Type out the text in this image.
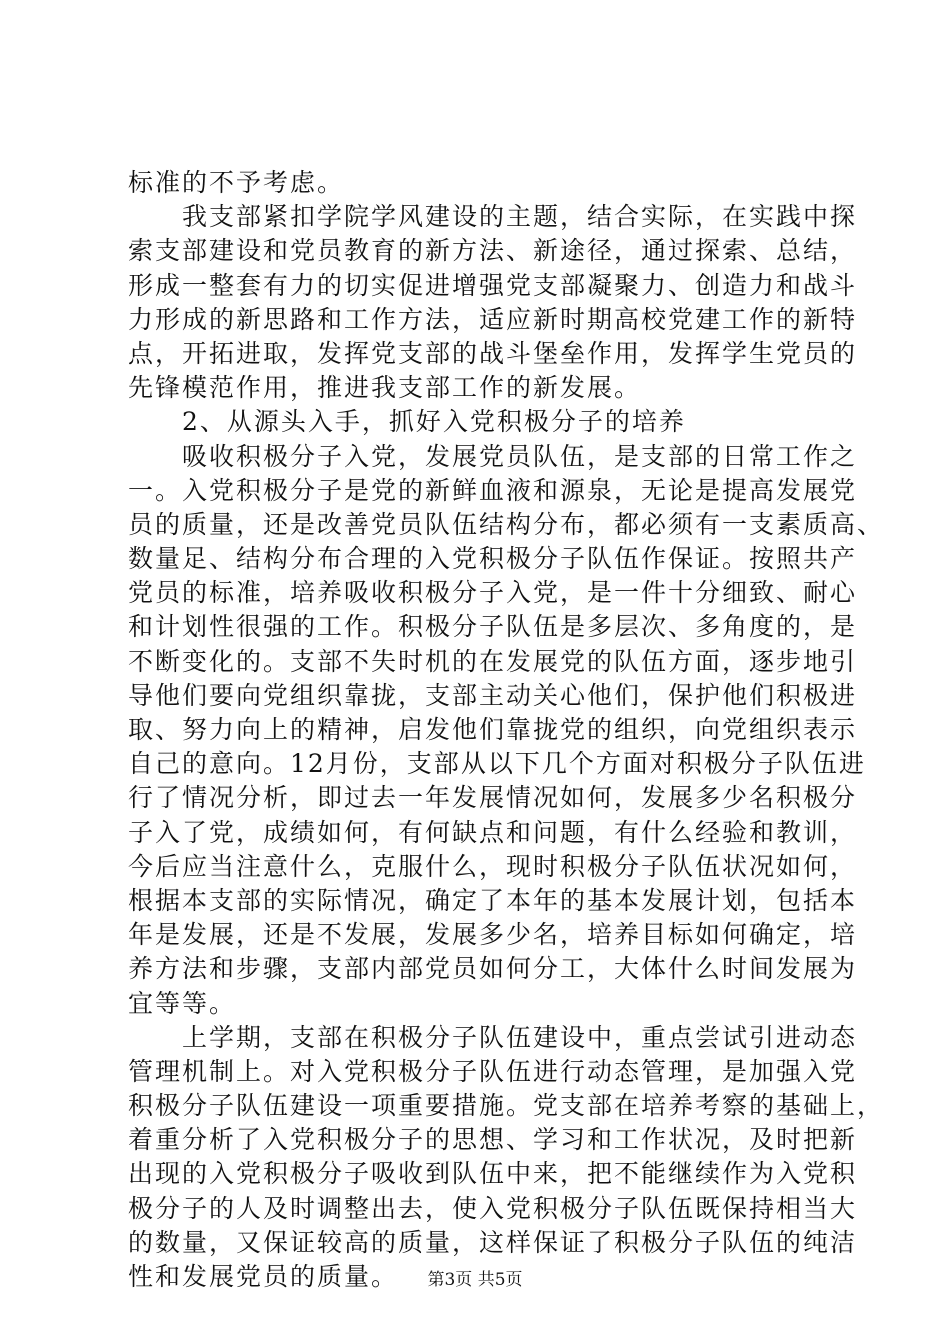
标准的不予考虑。
我支部紧扣学院学风建设的主题，结合实际，在实践中探
索支部建设和党员教育的新方法、新途径，通过探索、总结，
形成一整套有力的切实促进增强党支部凝聚力、创造力和战斗
力形成的新思路和工作方法，适应新时期高校党建工作的新特
点，开拓进取，发挥党支部的战斗堡垒作用，发挥学生党员的
先锋模范作用，推进我支部工作的新发展。
2、从源头入手，抓好入党积极分子的培养
吸收积极分子入党，发展党员队伍，是支部的日常工作之
一。入党积极分子是党的新鲜血液和源泉，无论是提高发展党
员的质量，还是改善党员队伍结构分布，都必须有一支素质高、
数量足、结构分布合理的入党积极分子队伍作保证。按照共产
党员的标准，培养吸收积极分子入党，是一件十分细致、耐心
和计划性很强的工作。积极分子队伍是多层次、多角度的，是
不断变化的。支部不失时机的在发展党的队伍方面，逐步地引
导他们要向党组织靠拢，支部主动关心他们，保护他们积极进
取、努力向上的精神，启发他们靠拢党的组织，向党组织表示
自己的意向。12月份，支部从以下几个方面对积极分子队伍进
行了情况分析，即过去一年发展情况如何，发展多少名积极分
子入了党，成绩如何，有何缺点和问题，有什么经验和教训，
今后应当注意什么，克服什么，现时积极分子队伍状况如何，
根据本支部的实际情况，确定了本年的基本发展计划，包括本
年是发展，还是不发展，发展多少名，培养目标如何确定，培
养方法和步骤，支部内部党员如何分工，大体什么时间发展为
宜等等。
上学期，支部在积极分子队伍建设中，重点尝试引进动态
管理机制上。对入党积极分子队伍进行动态管理，是加强入党
积极分子队伍建设一项重要措施。党支部在培养考察的基础上，
着重分析了入党积极分子的思想、学习和工作状况，及时把新
出现的入党积极分子吸收到队伍中来，把不能继续作为入党积
极分子的人及时调整出去，使入党积极分子队伍既保持相当大
的数量，又保证较高的质量，这样保证了积极分子队伍的纯洁
性和发展党员的质量。	第3页 共5页
